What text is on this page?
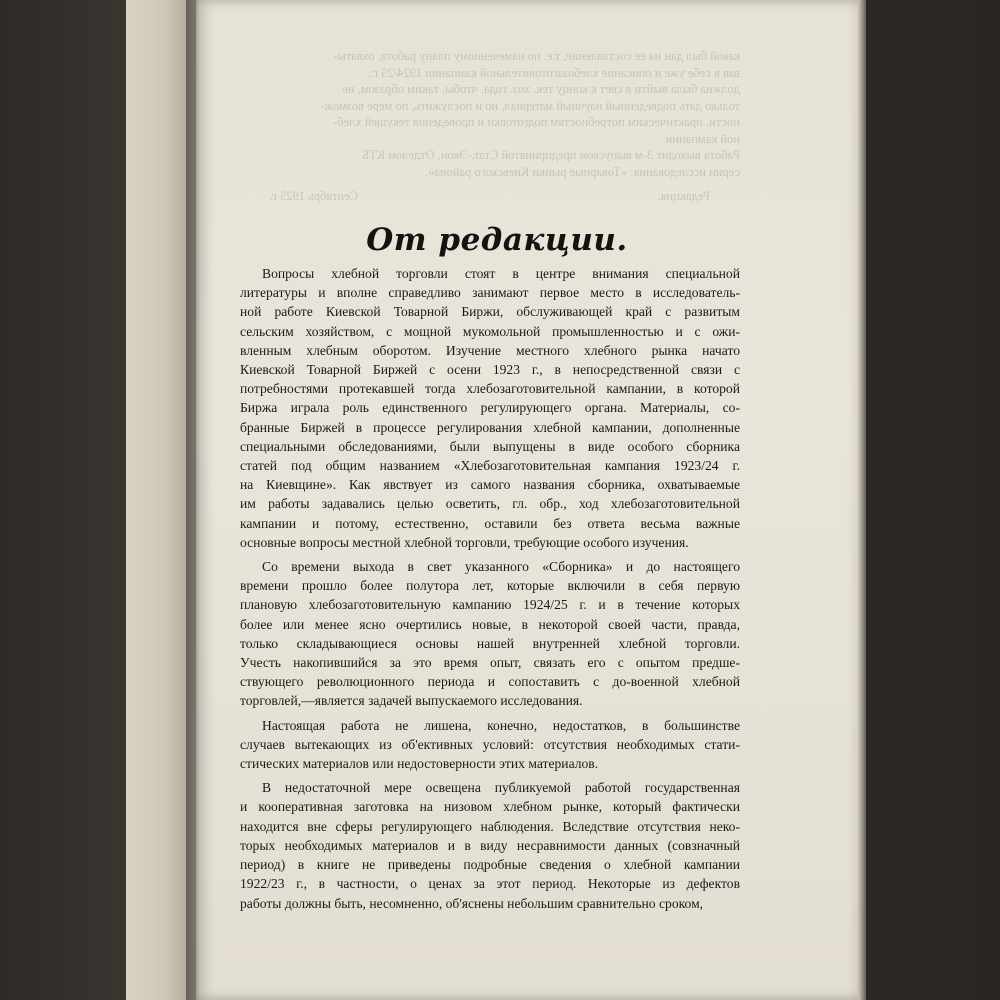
какой был дан на ее составление, т.е. по намеченному плану работа, охваты-
вая в себе уже и описание хлебозаготовительной кампании 1924/25 г.,
должна была выйти в свет к концу тек. хоз. года, чтобы, таким образом, не
только дать подведенный научный материал, но и послужить, по мере возмож-
ности, практическим потребностям подготовки и проведения текущей хлеб-
ной кампании.
Работа выходит 3-м выпуском предпринятой Стат.-Экон. Отделом КТБ
серии исследования: «Товарные рынки Киевского района».

Редакция.
Сентябрь 1925 г.
От редакции.
Вопросы хлебной торговли стоят в центре внимания специальной
литературы и вполне справедливо занимают первое место в исследователь-
ной работе Киевской Товарной Биржи, обслуживающей край с развитым
сельским хозяйством, с мощной мукомольной промышленностью и с ожи-
вленным хлебным оборотом. Изучение местного хлебного рынка начато
Киевской Товарной Биржей с осени 1923 г., в непосредственной связи с
потребностями протекавшей тогда хлебозаготовительной кампании, в которой
Биржа играла роль единственного регулирующего органа. Материалы, со-
бранные Биржей в процессе регулирования хлебной кампании, дополненные
специальными обследованиями, были выпущены в виде особого сборника
статей под общим названием «Хлебозаготовительная кампания 1923/24 г.
на Киевщине». Как явствует из самого названия сборника, охватываемые
им работы задавались целью осветить, гл. обр., ход хлебозаготовительной
кампании и потому, естественно, оставили без ответа весьма важные
основные вопросы местной хлебной торговли, требующие особого изучения.
Со времени выхода в свет указанного «Сборника» и до настоящего
времени прошло более полутора лет, которые включили в себя первую
плановую хлебозаготовительную кампанию 1924/25 г. и в течение которых
более или менее ясно очертились новые, в некоторой своей части, правда,
только складывающиеся основы нашей внутренней хлебной торговли.
Учесть накопившийся за это время опыт, связать его с опытом предше-
ствующего революционного периода и сопоставить с до-военной хлебной
торговлей,—является задачей выпускаемого исследования.
Настоящая работа не лишена, конечно, недостатков, в большинстве
случаев вытекающих из об'ективных условий: отсутствия необходимых стати-
стических материалов или недостоверности этих материалов.
В недостаточной мере освещена публикуемой работой государственная
и кооперативная заготовка на низовом хлебном рынке, который фактически
находится вне сферы регулирующего наблюдения. Вследствие отсутствия неко-
торых необходимых материалов и в виду несравнимости данных (совзначный
период) в книге не приведены подробные сведения о хлебной кампании
1922/23 г., в частности, о ценах за этот период. Некоторые из дефектов
работы должны быть, несомненно, об'яснены небольшим сравнительно сроком,
